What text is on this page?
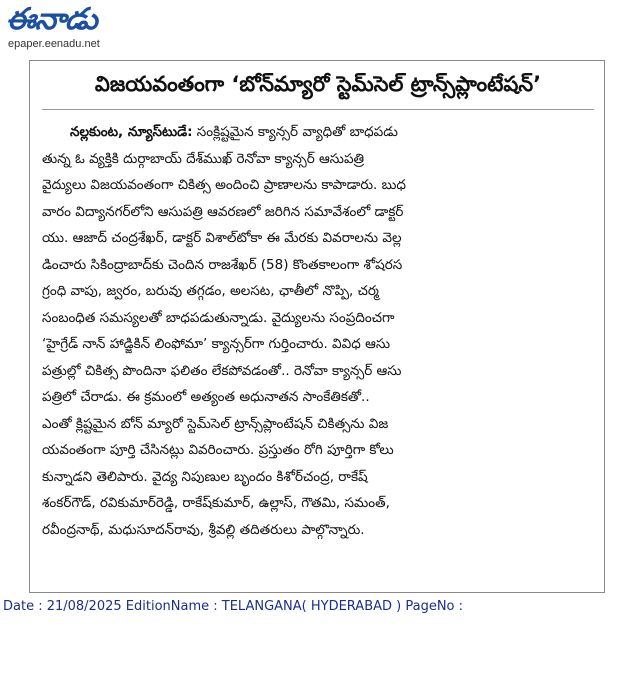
ఈనాడు
epaper.eenadu.net
విజయవంతంగా ‘బోన్‌మ్యారో స్టెమ్‌సెల్‌ ట్రాన్స్‌ప్లాంటేషన్‌’
నల్లకుంట, న్యూస్‌టుడే: సంక్లిష్టమైన క్యాన్సర్‌ వ్యాధితో బాధపడు
తున్న ఓ వ్యక్తికి దుర్గాబాయ్‌ దేశ్‌ముఖ్‌ రెనోవా క్యాన్సర్‌ ఆసుపత్రి
వైద్యులు విజయవంతంగా చికిత్స అందించి ప్రాణాలను కాపాడారు. బుధ
వారం విద్యానగర్‌లోని ఆసుపత్రి ఆవరణలో జరిగిన సమావేశంలో డాక్టర్‌
యు. ఆజాద్‌ చంద్రశేఖర్‌, డాక్టర్‌ విశాల్‌టోకా ఈ మేరకు వివరాలను వెల్ల
డించారు సికింద్రాబాద్‌కు చెందిన రాజశేఖర్‌ (58) కొంతకాలంగా శోషరస
గ్రంధి వాపు, జ్వరం, బరువు తగ్గడం, అలసట, ఛాతీలో నొప్పి, చర్మ
సంబంధిత సమస్యలతో బాధపడుతున్నాడు. వైద్యులను సంప్రదించగా
‘హైగ్రేడ్‌ నాన్‌ హాడ్జికిన్‌ లింఫోమా’ క్యాన్సర్‌గా గుర్తించారు. వివిధ ఆసు
పత్రుల్లో చికిత్స పొందినా ఫలితం లేకపోవడంతో.. రెనోవా క్యాన్సర్‌ ఆసు
పత్రిలో చేరాడు. ఈ క్రమంలో అత్యంత అధునాతన సాంకేతికతో..
ఎంతో క్లిష్టమైన బోన్‌ మ్యారో స్టెమ్‌సెల్‌ ట్రాన్స్‌ప్లాంటేషన్‌ చికిత్సను విజ
యవంతంగా పూర్తి చేసినట్లు వివరించారు. ప్రస్తుతం రోగి పూర్తిగా కోలు
కున్నాడని తెలిపారు. వైద్య నిపుణుల బృందం కిశోర్‌చంద్ర, రాకేష్‌
శంకర్‌గౌడ్‌, రవికుమార్‌రెడ్డి, రాకేష్‌కుమార్‌, ఉల్లాస్‌, గౌతమి, సమంత్‌,
రవీంద్రనాథ్‌, మధుసూదన్‌రావు, శ్రీవల్లి తదితరులు పాల్గొన్నారు.
Date : 21/08/2025 EditionName : TELANGANA( HYDERABAD ) PageNo :
